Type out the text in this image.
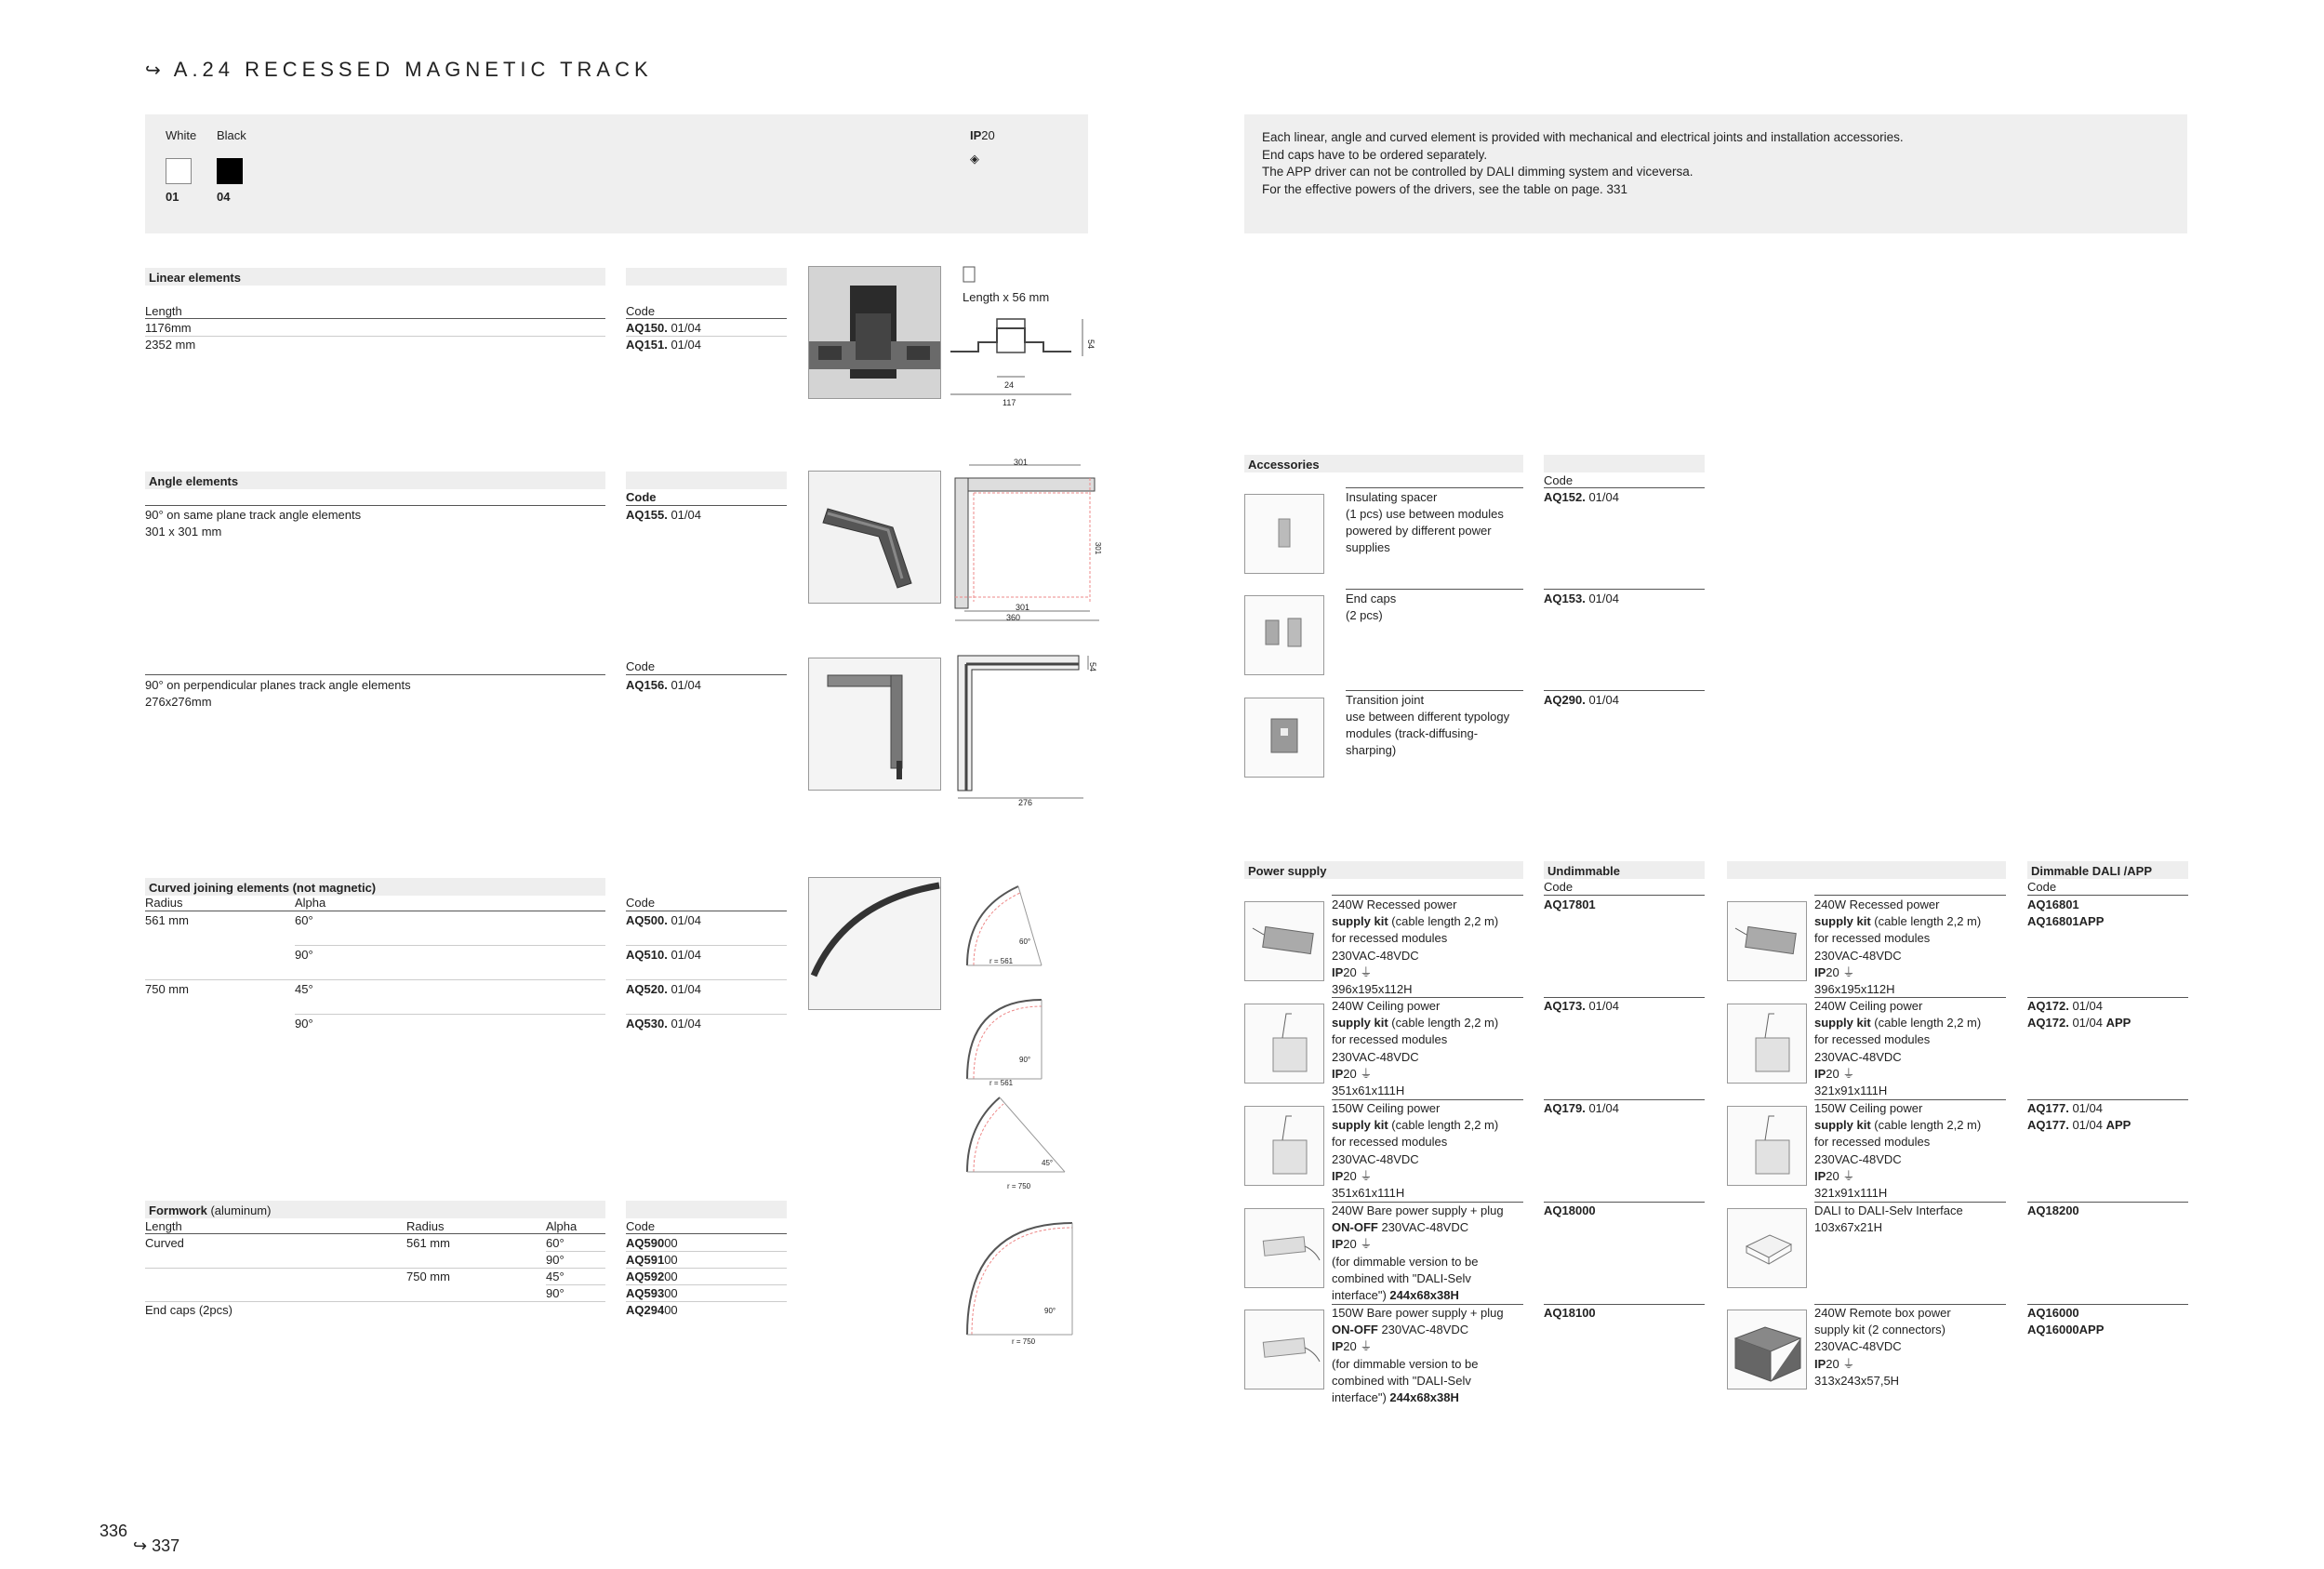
↪ A.24 RECESSED MAGNETIC TRACK
White Black
01	04
IP20
◈
Each linear, angle and curved element is provided with mechanical and electrical joints and installation accessories.
End caps have to be ordered separately.
The APP driver can not be controlled by DALI dimming system and viceversa.
For the effective powers of the drivers, see the table on page. 331
Linear elements
Length	Code
1176mm	AQ150. 01/04
2352 mm	AQ151. 01/04
Length x 56 mm
54
24
117
Angle elements
Code
90° on same plane track angle elements
301 x 301 mm
AQ155. 01/04
301
301
301
360
Code
90° on perpendicular planes track angle elements
276x276mm
AQ156. 01/04
54
276
Curved joining elements (not magnetic)
Radius	Alpha	Code
561 mm	60°	AQ500. 01/04
90°	AQ510. 01/04
750 mm	45°	AQ520. 01/04
90°	AQ530. 01/04
60°
r = 561
90°
r = 561
45°
r = 750
90°
r = 750
Formwork (aluminum)
Length	Radius	Alpha	Code
Curved	561 mm	60°	AQ59000
90°	AQ59100
750 mm	45°	AQ59200
90°	AQ59300
End caps (2pcs)	AQ29400
Accessories
Code
Insulating spacer
(1 pcs) use between modules
powered by different power
supplies
AQ152. 01/04
End caps
(2 pcs)
AQ153. 01/04
Transition joint
use between different typology
modules (track-diffusing-
sharping)
AQ290. 01/04
Power supply	Undimmable	Dimmable DALI /APP
Code	Code
240W Recessed power
supply kit (cable length 2,2 m)
for recessed modules
230VAC-48VDC
IP20 ⏚
396x195x112H
AQ17801
240W Ceiling power
supply kit (cable length 2,2 m)
for recessed modules
230VAC-48VDC
IP20 ⏚
351x61x111H
AQ173. 01/04
150W Ceiling power
supply kit (cable length 2,2 m)
for recessed modules
230VAC-48VDC
IP20 ⏚
351x61x111H
AQ179. 01/04
240W Bare power supply + plug
ON-OFF 230VAC-48VDC
IP20 ⏚
(for dimmable version to be
combined with "DALI-Selv
interface") 244x68x38H
AQ18000
150W Bare power supply + plug
ON-OFF 230VAC-48VDC
IP20 ⏚
(for dimmable version to be
combined with "DALI-Selv
interface") 244x68x38H
AQ18100
240W Recessed power
supply kit (cable length 2,2 m)
for recessed modules
230VAC-48VDC
IP20 ⏚
396x195x112H
AQ16801
AQ16801APP
240W Ceiling power
supply kit (cable length 2,2 m)
for recessed modules
230VAC-48VDC
IP20 ⏚
321x91x111H
AQ172. 01/04
AQ172. 01/04 APP
150W Ceiling power
supply kit (cable length 2,2 m)
for recessed modules
230VAC-48VDC
IP20 ⏚
321x91x111H
AQ177. 01/04
AQ177. 01/04 APP
DALI to DALI-Selv Interface
103x67x21H
AQ18200
240W Remote box power
supply kit (2 connectors)
230VAC-48VDC
IP20 ⏚
313x243x57,5H
AQ16000
AQ16000APP
336
↪ 337
